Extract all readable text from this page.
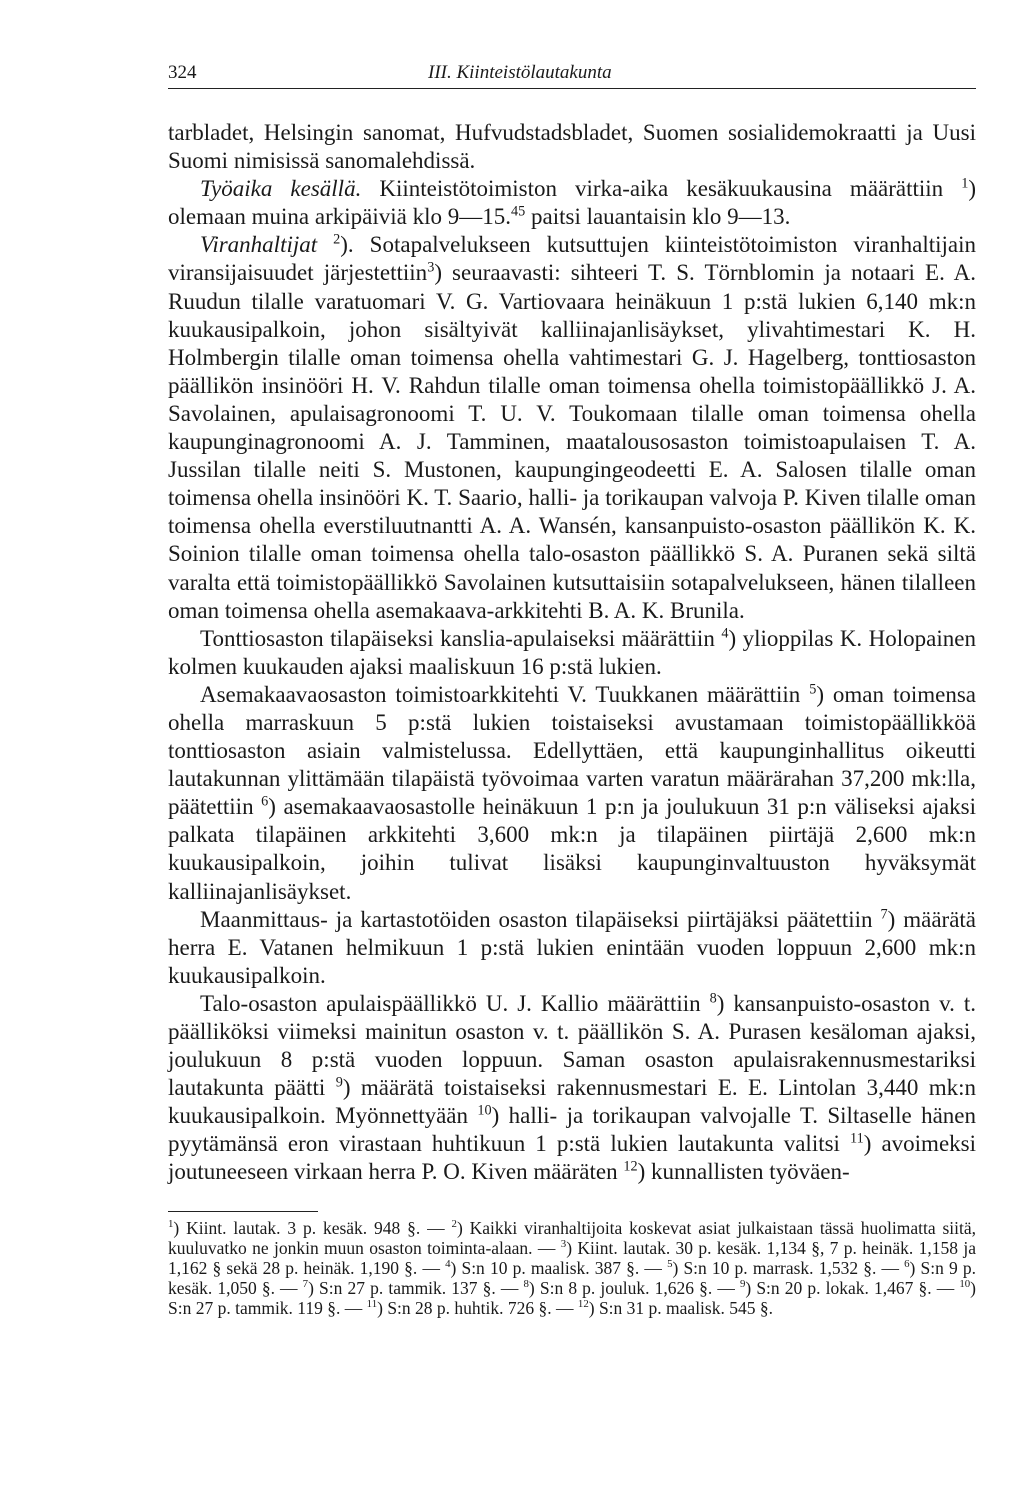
324	III. Kiinteistölautakunta

tarbladet, Helsingin sanomat, Hufvudstadsbladet, Suomen sosialidemokraatti ja Uusi Suomi nimisissä sanomalehdissä.

Työaika kesällä. Kiinteistötoimiston virka-aika kesäkuukausina määrättiin $^1$) olemaan muina arkipäiviä klo 9—15.45 paitsi lauantaisin klo 9—13.

Viranhaltijat $^2$). Sotapalvelukseen kutsuttujen kiinteistötoimiston viranhaltijain viransijaisuudet järjestettiin$^3$) seuraavasti: sihteeri T. S. Törnblomin ja notaari E. A. Ruudun tilalle varatuomari V. G. Vartiovaara heinäkuun 1 p:stä lukien 6,140 mk:n kuukausipalkoin, johon sisältyivät kalliinajanlisäykset, ylivahtimestari K. H. Holmbergin tilalle oman toimensa ohella vahtimestari G. J. Hagelberg, tonttiosaston päällikön insinööri H. V. Rahdun tilalle oman toimensa ohella toimistopäällikkö J. A. Savolainen, apulaisagronoomi T. U. V. Toukomaan tilalle oman toimensa ohella kaupunginagronoomi A. J. Tamminen, maatalousosaston toimistoapulaisen T. A. Jussilan tilalle neiti S. Mustonen, kaupungingeodeetti E. A. Salosen tilalle oman toimensa ohella insinööri K. T. Saario, halli- ja torikaupan valvoja P. Kiven tilalle oman toimensa ohella everstiluutnantti A. A. Wansén, kansanpuisto-osaston päällikön K. K. Soinion tilalle oman toimensa ohella talo-osaston päällikkö S. A. Puranen sekä siltä varalta että toimistopäällikkö Savolainen kutsuttaisiin sotapalvelukseen, hänen tilalleen oman toimensa ohella asemakaava-arkkitehti B. A. K. Brunila.

Tonttiosaston tilapäiseksi kanslia-apulaiseksi määrättiin $^4$) ylioppilas K. Holopainen kolmen kuukauden ajaksi maaliskuun 16 p:stä lukien.

Asemakaavaosaston toimistoarkkitehti V. Tuukkanen määrättiin $^5$) oman toimensa ohella marraskuun 5 p:stä lukien toistaiseksi avustamaan toimistopäällikköä tonttiosaston asiain valmistelussa. Edellyttäen, että kaupunginhallitus oikeutti lautakunnan ylittämään tilapäistä työvoimaa varten varatun määrärahan 37,200 mk:lla, päätettiin $^6$) asemakaavaosastolle heinäkuun 1 p:n ja joulukuun 31 p:n väliseksi ajaksi palkata tilapäinen arkkitehti 3,600 mk:n ja tilapäinen piirtäjä 2,600 mk:n kuukausipalkoin, joihin tulivat lisäksi kaupunginvaltuuston hyväksymät kalliinajanlisäykset.

Maanmittaus- ja kartastotöiden osaston tilapäiseksi piirtäjäksi päätettiin $^7$) määrätä herra E. Vatanen helmikuun 1 p:stä lukien enintään vuoden loppuun 2,600 mk:n kuukausipalkoin.

Talo-osaston apulaispäällikkö U. J. Kallio määrättiin $^8$) kansanpuisto-osaston v. t. päälliköksi viimeksi mainitun osaston v. t. päällikön S. A. Purasen kesäloman ajaksi, joulukuun 8 p:stä vuoden loppuun. Saman osaston apulaisrakennusmestariksi lautakunta päätti $^9$) määrätä toistaiseksi rakennusmestari E. E. Lintolan 3,440 mk:n kuukausipalkoin. Myönnettyään $^{10}$) halli- ja torikaupan valvojalle T. Siltaselle hänen pyytämänsä eron virastaan huhtikuun 1 p:stä lukien lautakunta valitsi $^{11}$) avoimeksi joutuneeseen virkaan herra P. O. Kiven määräten $^{12}$) kunnallisten työväen-

$^1$) Kiint. lautak. 3 p. kesäk. 948 §. — $^2$) Kaikki viranhaltijoita koskevat asiat julkaistaan tässä huolimatta siitä, kuuluvatko ne jonkin muun osaston toiminta-alaan. — $^3$) Kiint. lautak. 30 p. kesäk. 1,134 §, 7 p. heinäk. 1,158 ja 1,162 § sekä 28 p. heinäk. 1,190 §. — $^4$) S:n 10 p. maalisk. 387 §. — $^5$) S:n 10 p. marrask. 1,532 §. — $^6$) S:n 9 p. kesäk. 1,050 §. — $^7$) S:n 27 p. tammik. 137 §. — $^8$) S:n 8 p. jouluk. 1,626 §. — $^9$) S:n 20 p. lokak. 1,467 §. — $^{10}$) S:n 27 p. tammik. 119 §. — $^{11}$) S:n 28 p. huhtik. 726 §. — $^{12}$) S:n 31 p. maalisk. 545 §.
